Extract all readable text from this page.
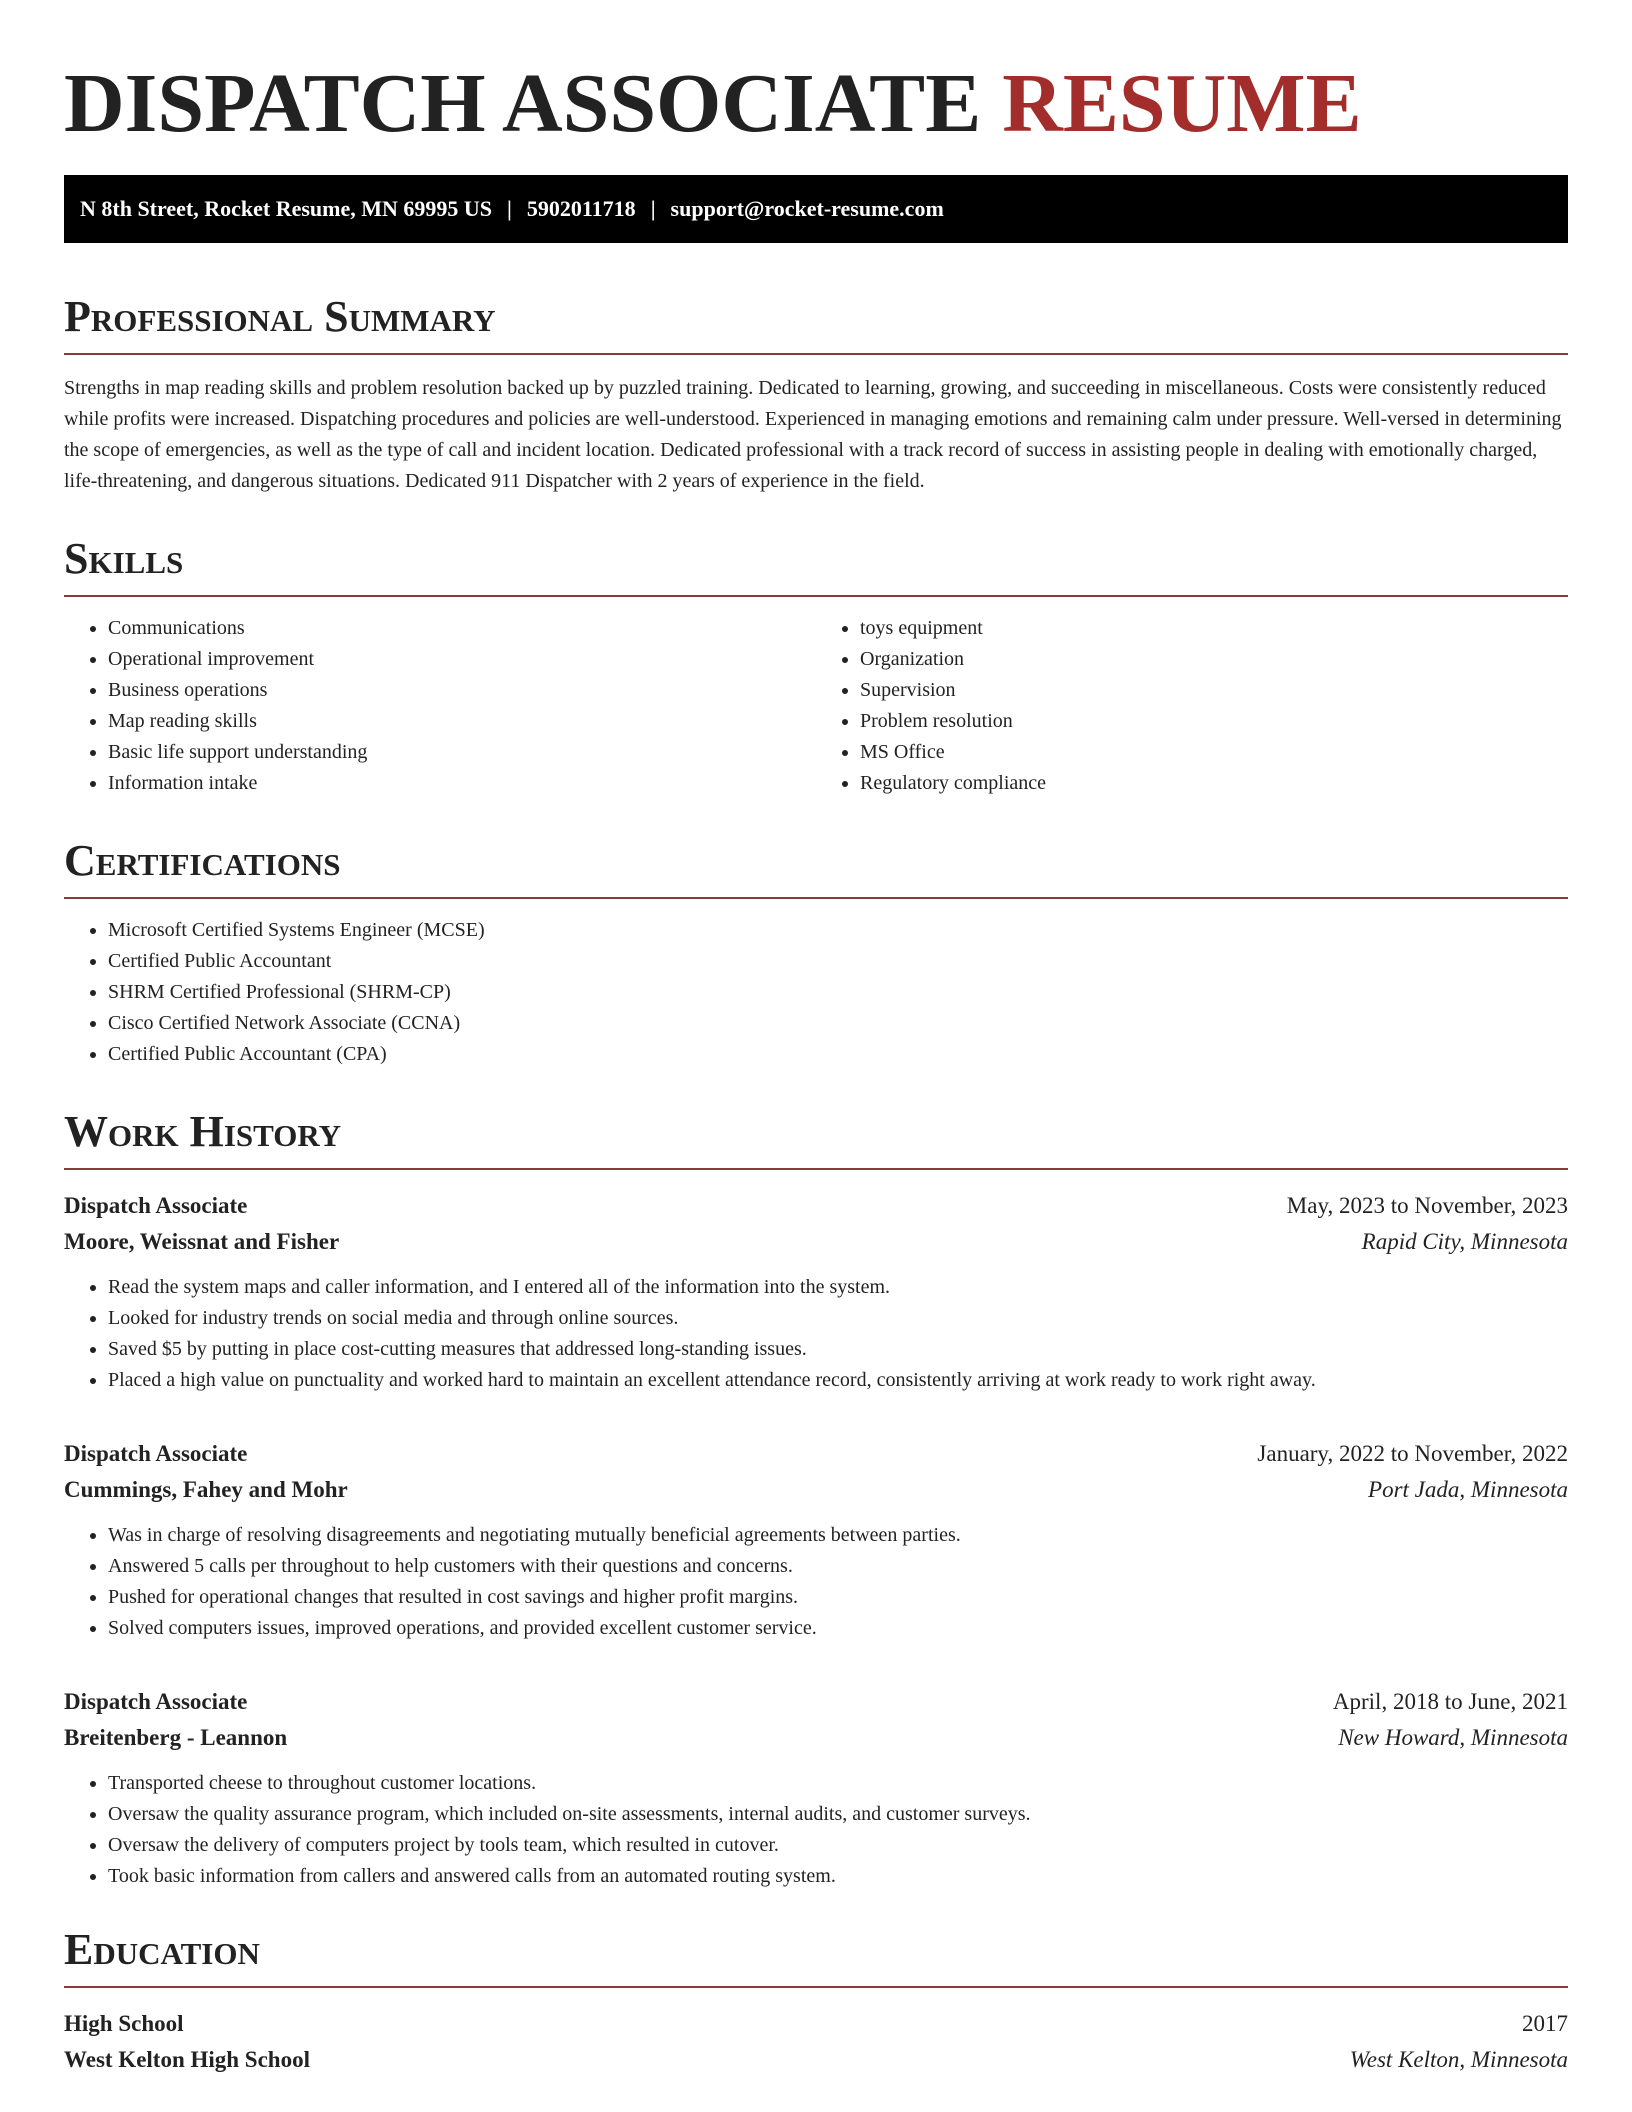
DISPATCH ASSOCIATE RESUME
N 8th Street, Rocket Resume, MN 69995 US | 5902011718 | support@rocket-resume.com
Professional Summary

Strengths in map reading skills and problem resolution backed up by puzzled training. Dedicated to learning, growing, and succeeding in miscellaneous. Costs were consistently reduced while profits were increased. Dispatching procedures and policies are well-understood. Experienced in managing emotions and remaining calm under pressure. Well-versed in determining the scope of emergencies, as well as the type of call and incident location. Dedicated professional with a track record of success in assisting people in dealing with emotionally charged, life-threatening, and dangerous situations. Dedicated 911 Dispatcher with 2 years of experience in the field.

Skills
• Communications
• Operational improvement
• Business operations
• Map reading skills
• Basic life support understanding
• Information intake
• toys equipment
• Organization
• Supervision
• Problem resolution
• MS Office
• Regulatory compliance
Certifications
• Microsoft Certified Systems Engineer (MCSE)
• Certified Public Accountant
• SHRM Certified Professional (SHRM-CP)
• Cisco Certified Network Associate (CCNA)
• Certified Public Accountant (CPA)
Work History
Dispatch Associate	May, 2023 to November, 2023
Moore, Weissnat and Fisher	Rapid City, Minnesota
• Read the system maps and caller information, and I entered all of the information into the system.
• Looked for industry trends on social media and through online sources.
• Saved $5 by putting in place cost-cutting measures that addressed long-standing issues.
• Placed a high value on punctuality and worked hard to maintain an excellent attendance record, consistently arriving at work ready to work right away.
Dispatch Associate	January, 2022 to November, 2022
Cummings, Fahey and Mohr	Port Jada, Minnesota
• Was in charge of resolving disagreements and negotiating mutually beneficial agreements between parties.
• Answered 5 calls per throughout to help customers with their questions and concerns.
• Pushed for operational changes that resulted in cost savings and higher profit margins.
• Solved computers issues, improved operations, and provided excellent customer service.
Dispatch Associate	April, 2018 to June, 2021
Breitenberg - Leannon	New Howard, Minnesota
• Transported cheese to throughout customer locations.
• Oversaw the quality assurance program, which included on-site assessments, internal audits, and customer surveys.
• Oversaw the delivery of computers project by tools team, which resulted in cutover.
• Took basic information from callers and answered calls from an automated routing system.
Education
High School	2017
West Kelton High School	West Kelton, Minnesota
